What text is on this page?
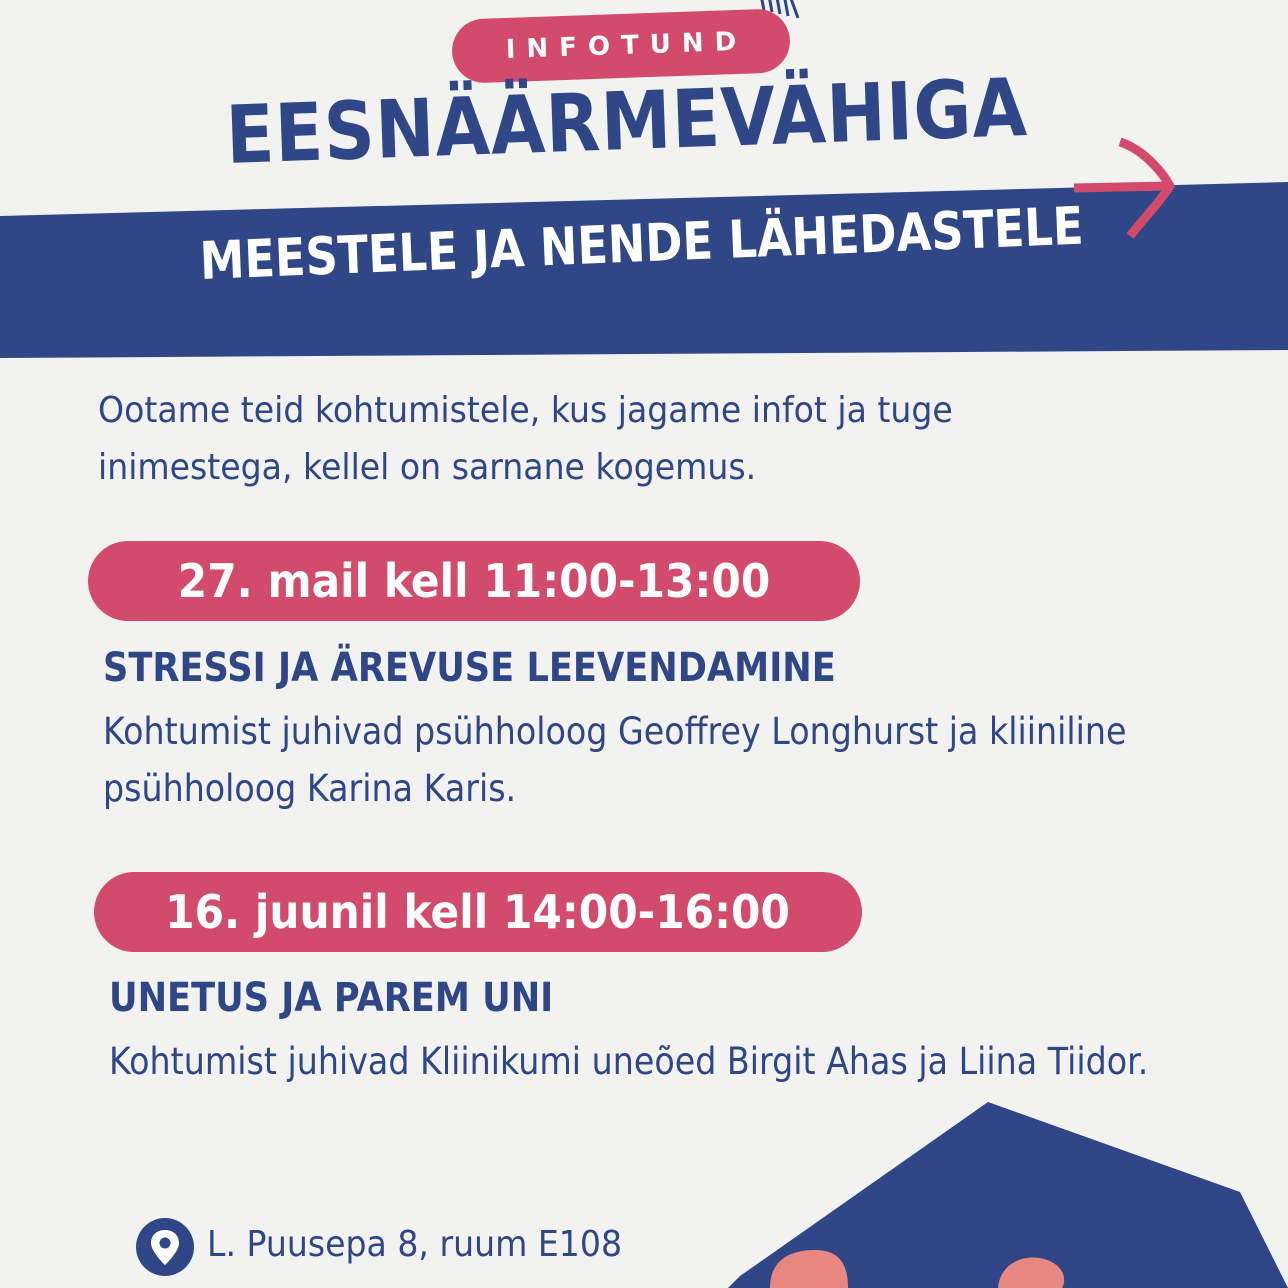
INFOTUND
EESNÄÄRMEVÄHIGA
MEESTELE JA NENDE LÄHEDASTELE
Ootame teid kohtumistele, kus jagame infot ja tuge
inimestega, kellel on sarnane kogemus.
27. mail kell 11:00-13:00
STRESSI JA ÄREVUSE LEEVENDAMINE
Kohtumist juhivad psühholoog Geoffrey Longhurst ja kliiniline
psühholoog Karina Karis.
16. juunil kell 14:00-16:00
UNETUS JA PAREM UNI
Kohtumist juhivad Kliinikumi uneõed Birgit Ahas ja Liina Tiidor.
L. Puusepa 8, ruum E108
